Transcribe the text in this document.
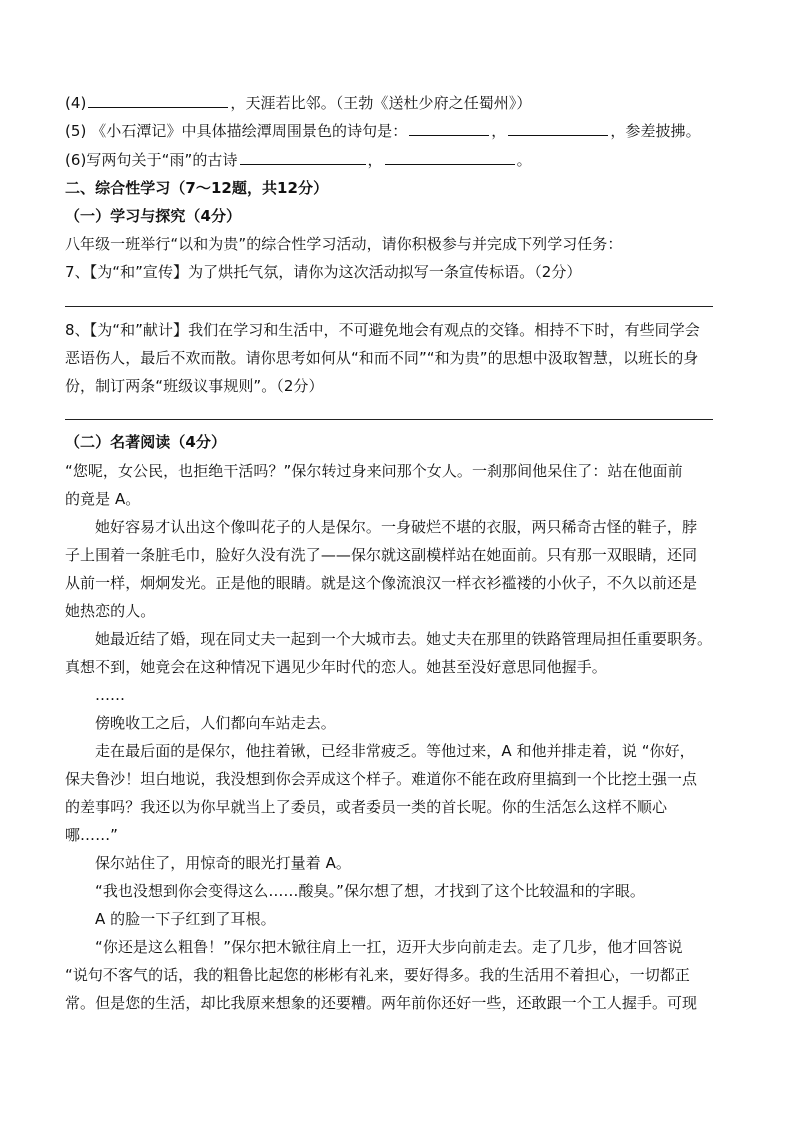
(4)	，天涯若比邻。（王勃《送杜少府之任蜀州》）
(5) 《小石潭记》中具体描绘潭周围景色的诗句是：	，	，参差披拂。
(6)写两句关于“雨”的古诗	，	。
二、综合性学习（7～12题，共12分）
（一）学习与探究（4分）
八年级一班举行“以和为贵”的综合性学习活动，请你积极参与并完成下列学习任务：
7、【为“和”宣传】为了烘托气氛，请你为这次活动拟写一条宣传标语。（2分）
8、【为“和”献计】我们在学习和生活中，不可避免地会有观点的交锋。相持不下时，有些同学会
恶语伤人，最后不欢而散。请你思考如何从“和而不同”“和为贵”的思想中汲取智慧，以班长的身
份，制订两条“班级议事规则”。（2分）
（二）名著阅读（4分）
“您呢，女公民，也拒绝干活吗？”保尔转过身来问那个女人。一刹那间他呆住了：站在他面前
的竟是 A。
她好容易才认出这个像叫花子的人是保尔。一身破烂不堪的衣服，两只稀奇古怪的鞋子，脖
子上围着一条脏毛巾，脸好久没有洗了——保尔就这副模样站在她面前。只有那一双眼睛，还同
从前一样，炯炯发光。正是他的眼睛。就是这个像流浪汉一样衣衫褴褛的小伙子，不久以前还是
她热恋的人。
她最近结了婚，现在同丈夫一起到一个大城市去。她丈夫在那里的铁路管理局担任重要职务。
真想不到，她竟会在这种情况下遇见少年时代的恋人。她甚至没好意思同他握手。
……
傍晚收工之后，人们都向车站走去。
走在最后面的是保尔，他拄着锹，已经非常疲乏。等他过来，A 和他并排走着，说 “你好，
保夫鲁沙！坦白地说，我没想到你会弄成这个样子。难道你不能在政府里搞到一个比挖土强一点
的差事吗？我还以为你早就当上了委员，或者委员一类的首长呢。你的生活怎么这样不顺心
哪……”
保尔站住了，用惊奇的眼光打量着 A。
“我也没想到你会变得这么……酸臭。”保尔想了想，才找到了这个比较温和的字眼。
A 的脸一下子红到了耳根。
“你还是这么粗鲁！”保尔把木锨往肩上一扛，迈开大步向前走去。走了几步，他才回答说
“说句不客气的话，我的粗鲁比起您的彬彬有礼来，要好得多。我的生活用不着担心，一切都正
常。但是您的生活，却比我原来想象的还要糟。两年前你还好一些，还敢跟一个工人握手。可现
